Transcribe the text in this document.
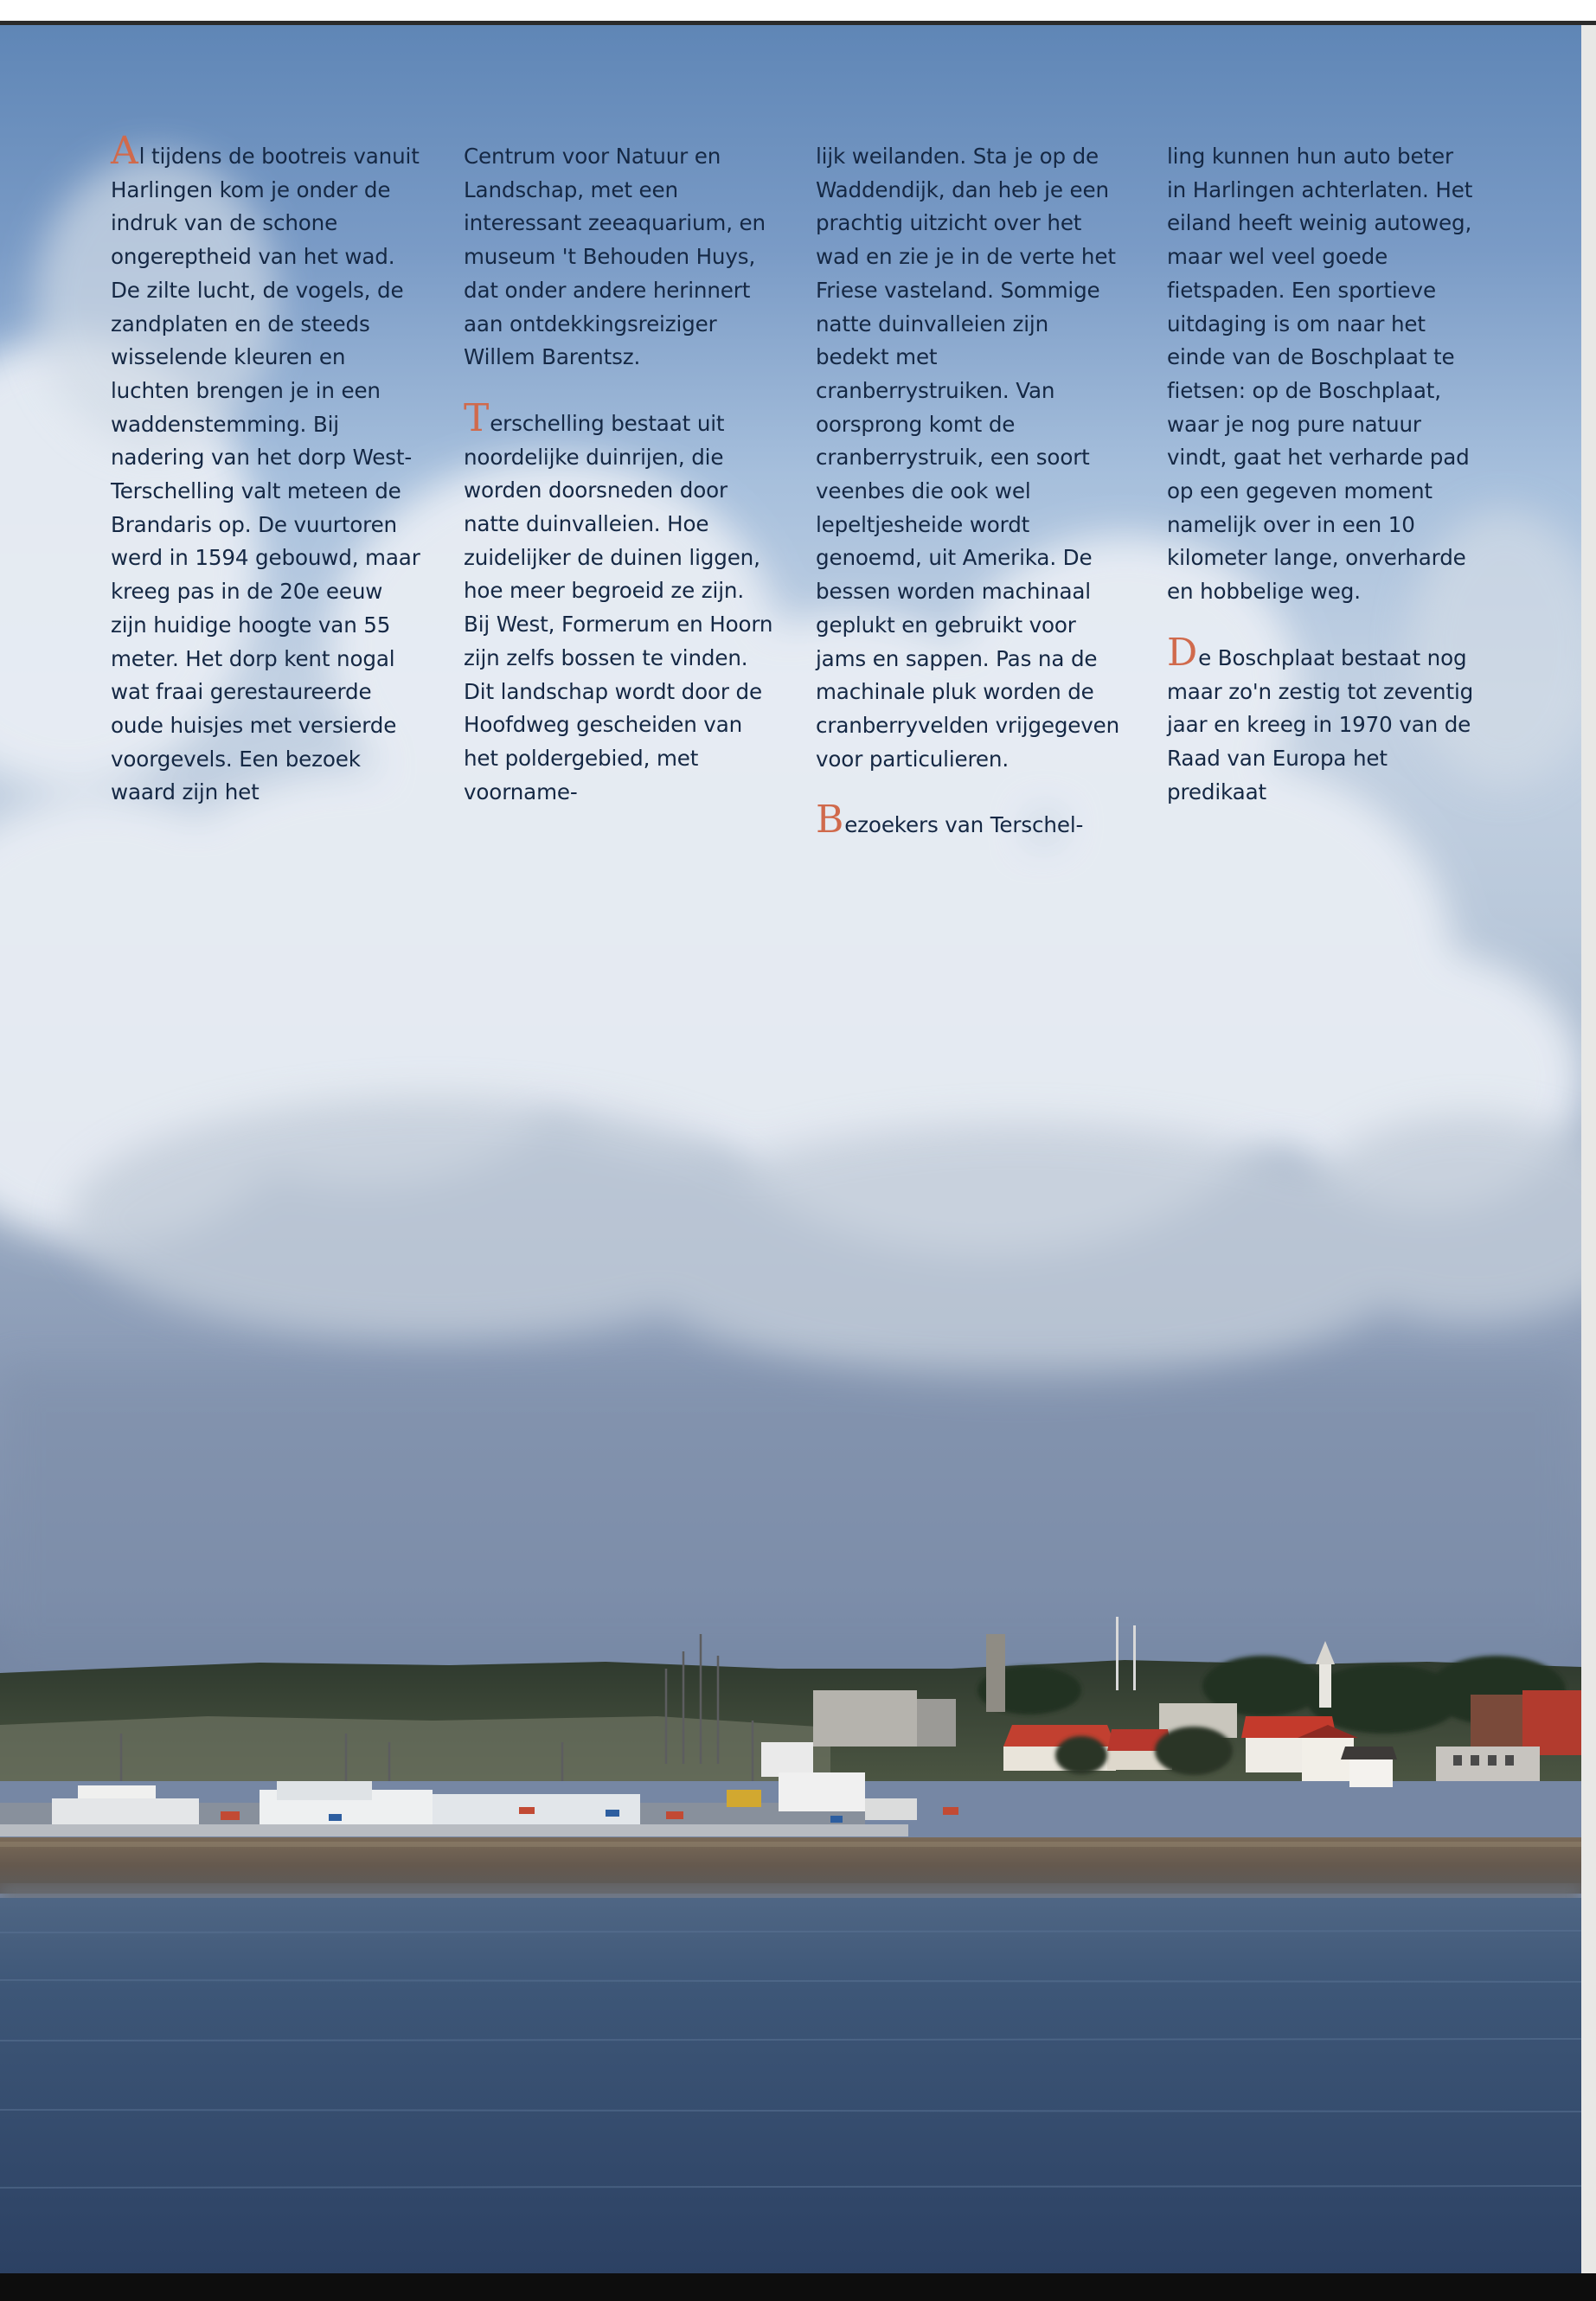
Al tijdens de bootreis vanuit Harlingen kom je onder de indruk van de schone ongereptheid van het wad. De zilte lucht, de vogels, de zandplaten en de steeds wisselende kleuren en luchten brengen je in een waddenstemming. Bij nadering van het dorp West-Terschelling valt meteen de Brandaris op. De vuurtoren werd in 1594 gebouwd, maar kreeg pas in de 20e eeuw zijn huidige hoogte van 55 meter. Het dorp kent nogal wat fraai gerestaureerde oude huisjes met versierde voorgevels. Een bezoek waard zijn het

Centrum voor Natuur en Landschap, met een interessant zeeaquarium, en museum 't Behouden Huys, dat onder andere herinnert aan ontdekkingsreiziger Willem Barentsz.

Terschelling bestaat uit noordelijke duinrijen, die worden doorsneden door natte duinvalleien. Hoe zuidelijker de duinen liggen, hoe meer begroeid ze zijn. Bij West, Formerum en Hoorn zijn zelfs bossen te vinden. Dit landschap wordt door de Hoofdweg gescheiden van het poldergebied, met voorname-

lijk weilanden. Sta je op de Waddendijk, dan heb je een prachtig uitzicht over het wad en zie je in de verte het Friese vasteland. Sommige natte duinvalleien zijn bedekt met cranberrystruiken. Van oorsprong komt de cranberrystruik, een soort veenbes die ook wel lepeltjesheide wordt genoemd, uit Amerika. De bessen worden machinaal geplukt en gebruikt voor jams en sappen. Pas na de machinale pluk worden de cranberryvelden vrijgegeven voor particulieren.

Bezoekers van Terschel-

ling kunnen hun auto beter in Harlingen achterlaten. Het eiland heeft weinig autoweg, maar wel veel goede fietspaden. Een sportieve uitdaging is om naar het einde van de Boschplaat te fietsen: op de Boschplaat, waar je nog pure natuur vindt, gaat het verharde pad op een gegeven moment namelijk over in een 10 kilometer lange, onverharde en hobbelige weg.

De Boschplaat bestaat nog maar zo'n zestig tot zeventig jaar en kreeg in 1970 van de Raad van Europa het predikaat
